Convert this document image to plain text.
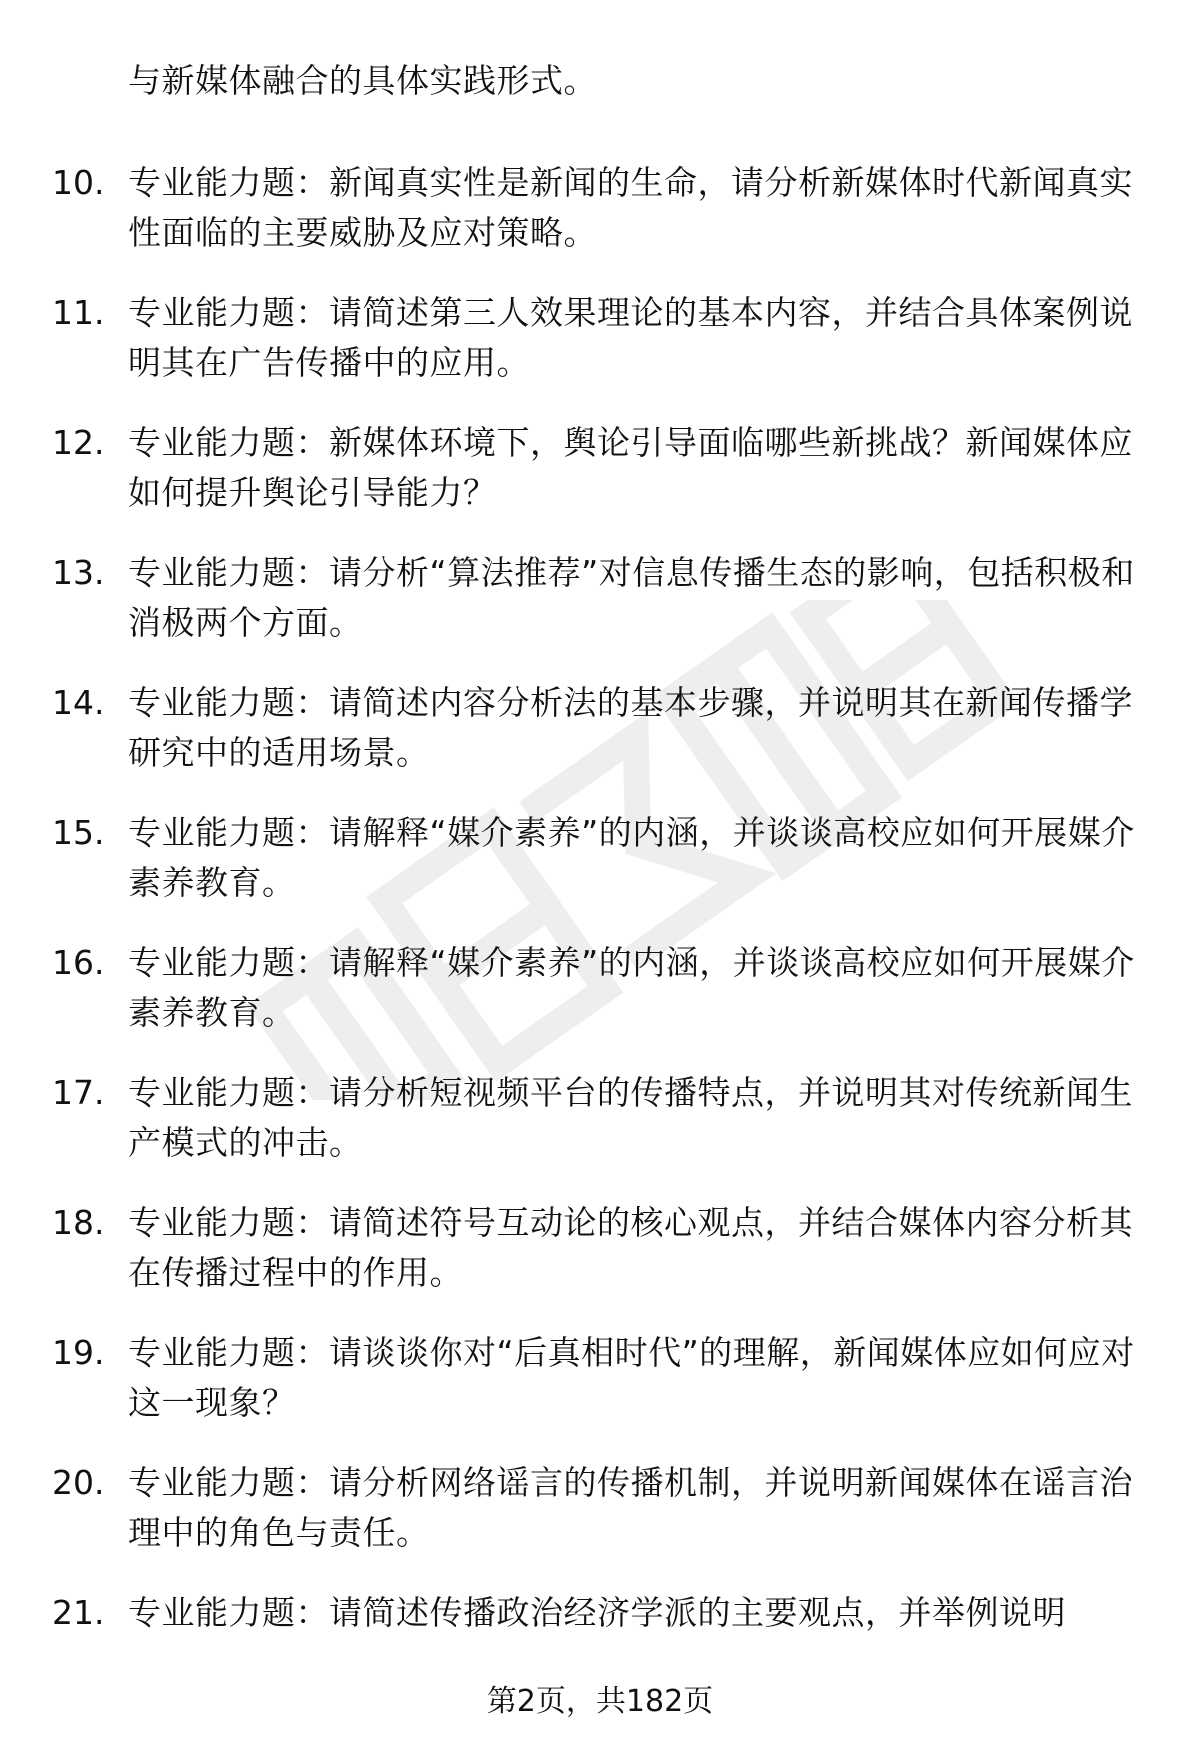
与新媒体融合的具体实践形式。
10. 专业能力题：新闻真实性是新闻的生命，请分析新媒体时代新闻真实性面临的主要威胁及应对策略。
11. 专业能力题：请简述第三人效果理论的基本内容，并结合具体案例说明其在广告传播中的应用。
12. 专业能力题：新媒体环境下，舆论引导面临哪些新挑战？新闻媒体应如何提升舆论引导能力？
13. 专业能力题：请分析“算法推荐”对信息传播生态的影响，包括积极和消极两个方面。
14. 专业能力题：请简述内容分析法的基本步骤，并说明其在新闻传播学研究中的适用场景。
15. 专业能力题：请解释“媒介素养”的内涵，并谈谈高校应如何开展媒介素养教育。
16. 专业能力题：请解释“媒介素养”的内涵，并谈谈高校应如何开展媒介素养教育。
17. 专业能力题：请分析短视频平台的传播特点，并说明其对传统新闻生产模式的冲击。
18. 专业能力题：请简述符号互动论的核心观点，并结合媒体内容分析其在传播过程中的作用。
19. 专业能力题：请谈谈你对“后真相时代”的理解，新闻媒体应如何应对这一现象？
20. 专业能力题：请分析网络谣言的传播机制，并说明新闻媒体在谣言治理中的角色与责任。
21. 专业能力题：请简述传播政治经济学派的主要观点，并举例说明
第2页，共182页
